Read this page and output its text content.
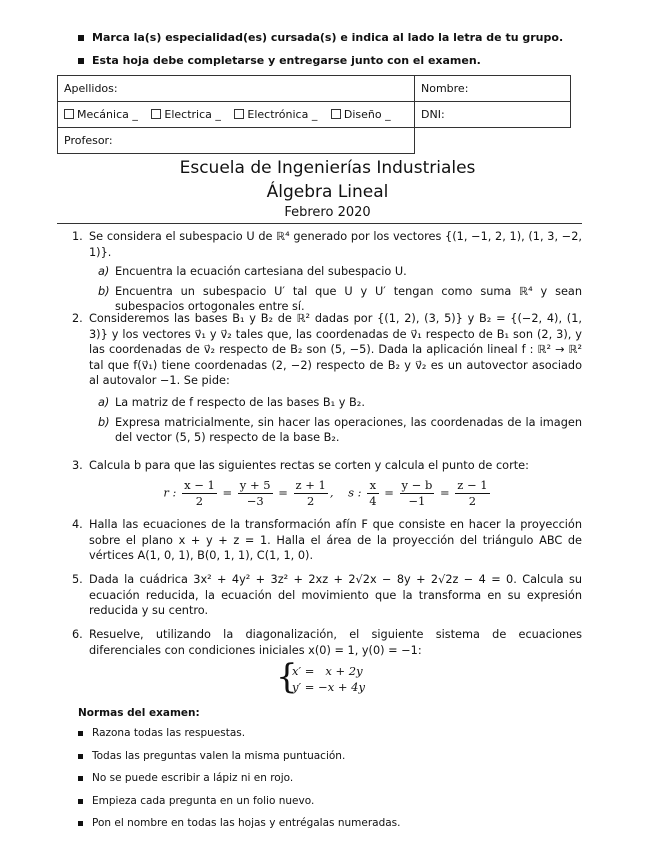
Marca la(s) especialidad(es) cursada(s) e indica al lado la letra de tu grupo.
Esta hoja debe completarse y entregarse junto con el examen.
Apellidos:	Nombre:
Mecánica _ Electrica _ Electrónica _ Diseño _	DNI:
Profesor:	
Escuela de Ingenierías Industriales
Álgebra Lineal
Febrero 2020
1. Se considera el subespacio U de ℝ⁴ generado por los vectores {(1, −1, 2, 1), (1, 3, −2, 1)}.
a) Encuentra la ecuación cartesiana del subespacio U.
b) Encuentra un subespacio U′ tal que U y U′ tengan como suma ℝ⁴ y sean subespacios ortogonales entre sí.
2. Consideremos las bases B₁ y B₂ de ℝ² dadas por {(1, 2), (3, 5)} y B₂ = {(−2, 4), (1, 3)} y los vectores v⃗₁ y v⃗₂ tales que, las coordenadas de v⃗₁ respecto de B₁ son (2, 3), y las coordenadas de v⃗₂ respecto de B₂ son (5, −5). Dada la aplicación lineal f : ℝ² → ℝ² tal que f(v⃗₁) tiene coordenadas (2, −2) respecto de B₂ y v⃗₂ es un autovector asociado al autovalor −1. Se pide:
a) La matriz de f respecto de las bases B₁ y B₂.
b) Expresa matricialmente, sin hacer las operaciones, las coordenadas de la imagen del vector (5, 5) respecto de la base B₂.
3. Calcula b para que las siguientes rectas se corten y calcula el punto de corte:
r : $\frac{x - 1}{2} = \frac{y + 5}{-3} = \frac{z + 1}{2}$ ,    s : $\frac{x}{4} = \frac{y - b}{-1} = \frac{z - 1}{2}$
4. Halla las ecuaciones de la transformación afín F que consiste en hacer la proyección sobre el plano x + y + z = 1. Halla el área de la proyección del triángulo ABC de vértices A(1, 0, 1), B(0, 1, 1), C(1, 1, 0).
5. Dada la cuádrica 3x² + 4y² + 3z² + 2xz + 2√2x − 8y + 2√2z − 4 = 0. Calcula su ecuación reducida, la ecuación del movimiento que la transforma en su expresión reducida y su centro.
6. Resuelve, utilizando la diagonalización, el siguiente sistema de ecuaciones diferenciales con condiciones iniciales x(0) = 1, y(0) = −1:
{
x′ =   x + 2y
y′ = −x + 4y
Normas del examen:
Razona todas las respuestas.
Todas las preguntas valen la misma puntuación.
No se puede escribir a lápiz ni en rojo.
Empieza cada pregunta en un folio nuevo.
Pon el nombre en todas las hojas y entrégalas numeradas.
